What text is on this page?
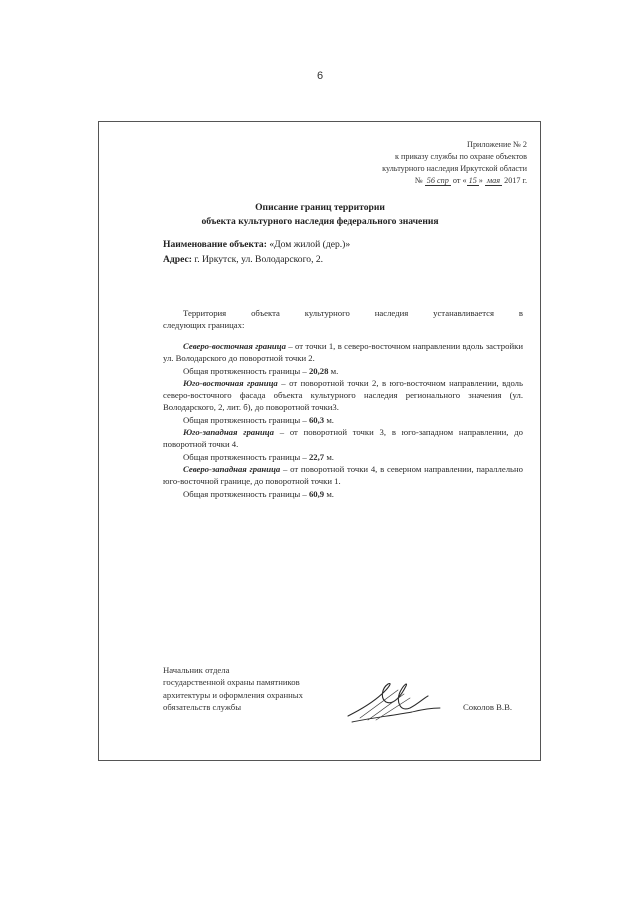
6
Приложение № 2
к приказу службы по охране объектов
культурного наследия Иркутской области
№ 56 спр от « 15 » мая 2017 г.
Описание границ территории
объекта культурного наследия федерального значения
Наименование объекта: «Дом жилой (дер.)»
Адрес: г. Иркутск, ул. Володарского, 2.
Территория объекта культурного наследия устанавливается в
следующих границах:

Северо-восточная граница – от точки 1, в северо-восточном направлении вдоль застройки ул. Володарского до поворотной точки 2.

Общая протяженность границы – 20,28 м.

Юго-восточная граница – от поворотной точки 2, в юго-восточном направлении, вдоль северо-восточного фасада объекта культурного наследия регионального значения (ул. Володарского, 2, лит. б), до поворотной точки3.

Общая протяженность границы – 60,3 м.

Юго-западная граница – от поворотной точки 3, в юго-западном направлении, до поворотной точки 4.

Общая протяженность границы – 22,7 м.

Северо-западная граница – от поворотной точки 4, в северном направлении, параллельно юго-восточной границе, до поворотной точки 1.

Общая протяженность границы – 60,9 м.

Начальник отдела
государственной охраны памятников
архитектуры и оформления охранных
обязательств службы	Соколов В.В.
